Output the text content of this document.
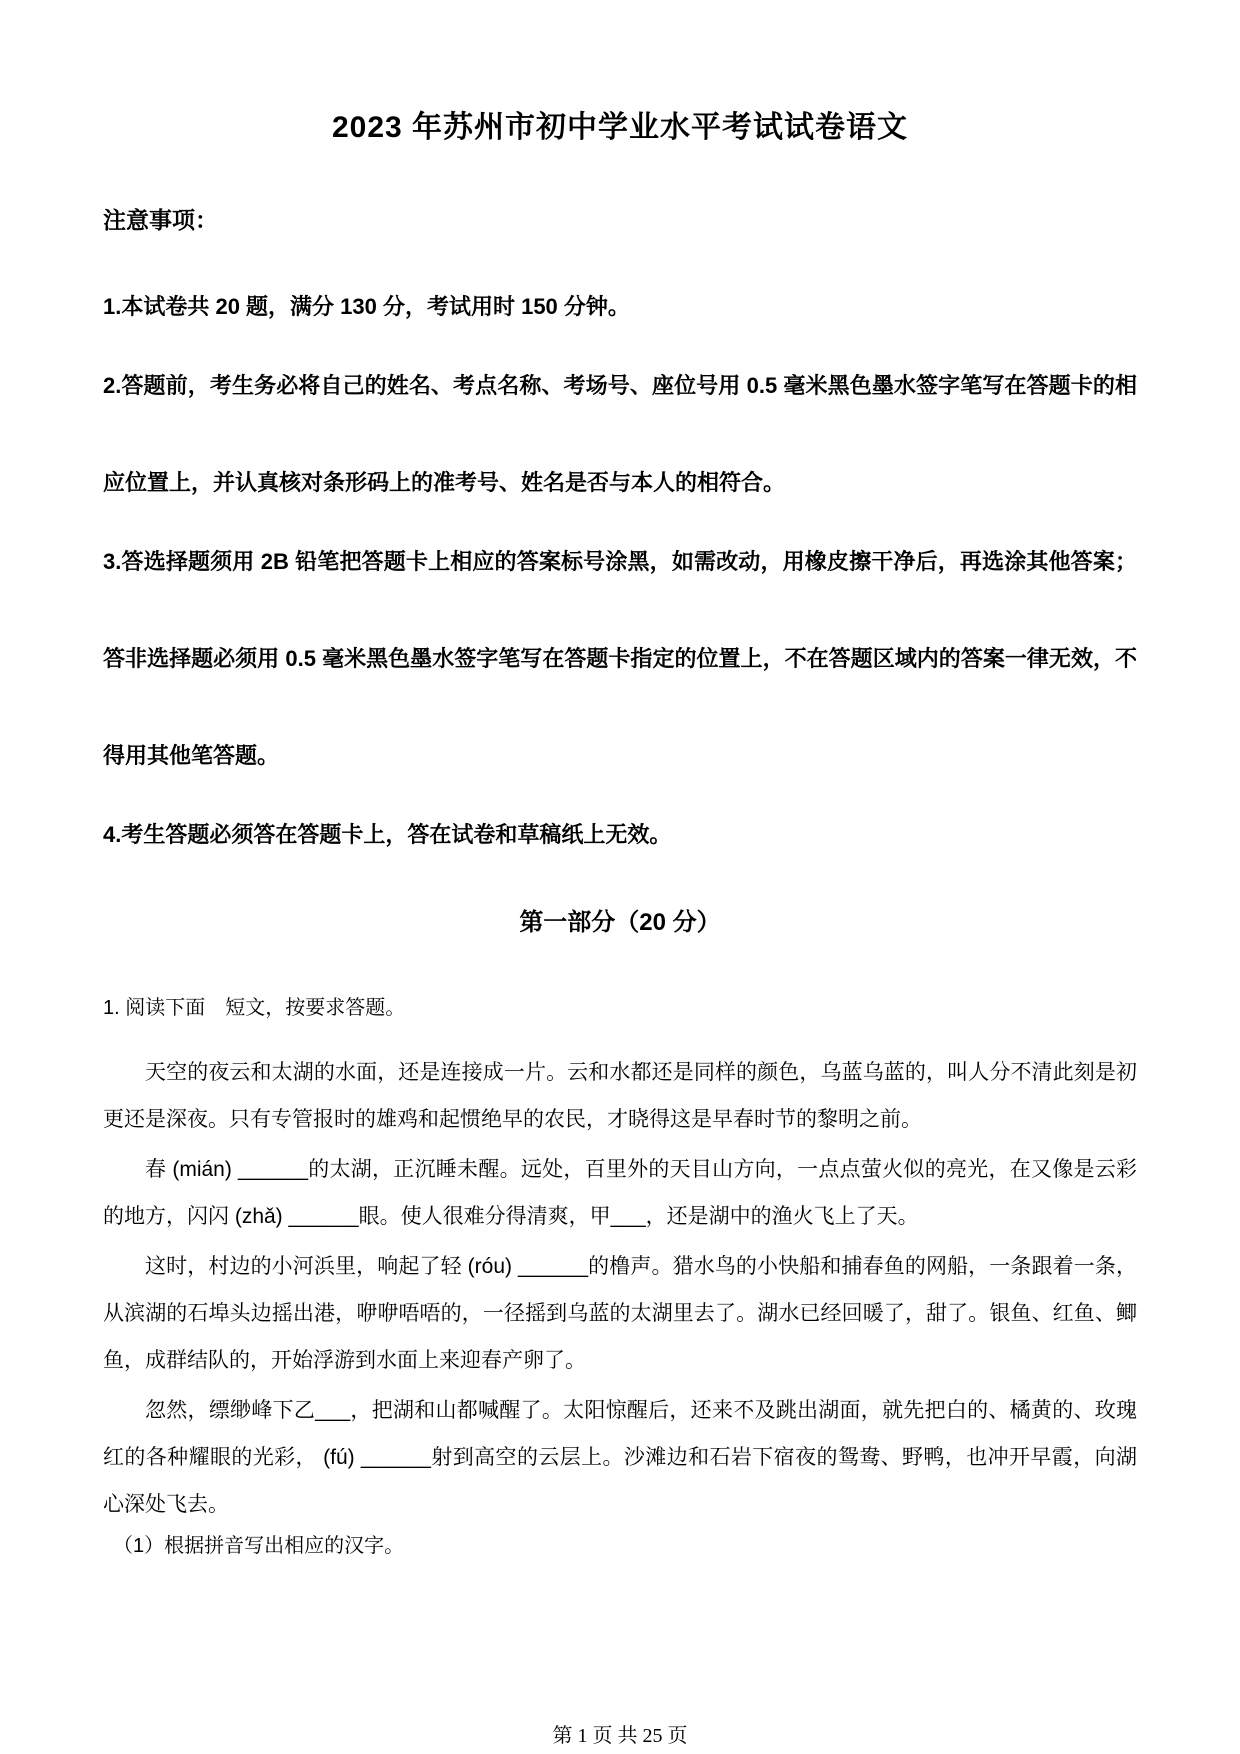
2023 年苏州市初中学业水平考试试卷语文
注意事项：

1.本试卷共 20 题，满分 130 分，考试用时 150 分钟。

2.答题前，考生务必将自己的姓名、考点名称、考场号、座位号用 0.5 毫米黑色墨水签字笔写在答题卡的相应位置上，并认真核对条形码上的准考号、姓名是否与本人的相符合。

3.答选择题须用 2B 铅笔把答题卡上相应的答案标号涂黑，如需改动，用橡皮擦干净后，再选涂其他答案；答非选择题必须用 0.5 毫米黑色墨水签字笔写在答题卡指定的位置上，不在答题区域内的答案一律无效，不得用其他笔答题。

4.考生答题必须答在答题卡上，答在试卷和草稿纸上无效。

第一部分（20 分）
1. 阅读下面　短文，按要求答题。

天空的夜云和太湖的水面，还是连接成一片。云和水都还是同样的颜色，乌蓝乌蓝的，叫人分不清此刻是初更还是深夜。只有专管报时的雄鸡和起惯绝早的农民，才晓得这是早春时节的黎明之前。

春 (mián) ______的太湖，正沉睡未醒。远处，百里外的天目山方向，一点点萤火似的亮光，在又像是云彩的地方，闪闪 (zhǎ) ______眼。使人很难分得清爽，甲___，还是湖中的渔火飞上了天。

这时，村边的小河浜里，响起了轻 (róu) ______的橹声。猎水鸟的小快船和捕春鱼的网船，一条跟着一条，从滨湖的石埠头边摇出港，咿咿唔唔的，一径摇到乌蓝的太湖里去了。湖水已经回暖了，甜了。银鱼、红鱼、鲫鱼，成群结队的，开始浮游到水面上来迎春产卵了。

忽然，缥缈峰下乙___，把湖和山都喊醒了。太阳惊醒后，还来不及跳出湖面，就先把白的、橘黄的、玫瑰红的各种耀眼的光彩， (fú) ______射到高空的云层上。沙滩边和石岩下宿夜的鸳鸯、野鸭，也冲开早霞，向湖心深处飞去。

（1）根据拼音写出相应的汉字。

第 1 页 共 25 页
